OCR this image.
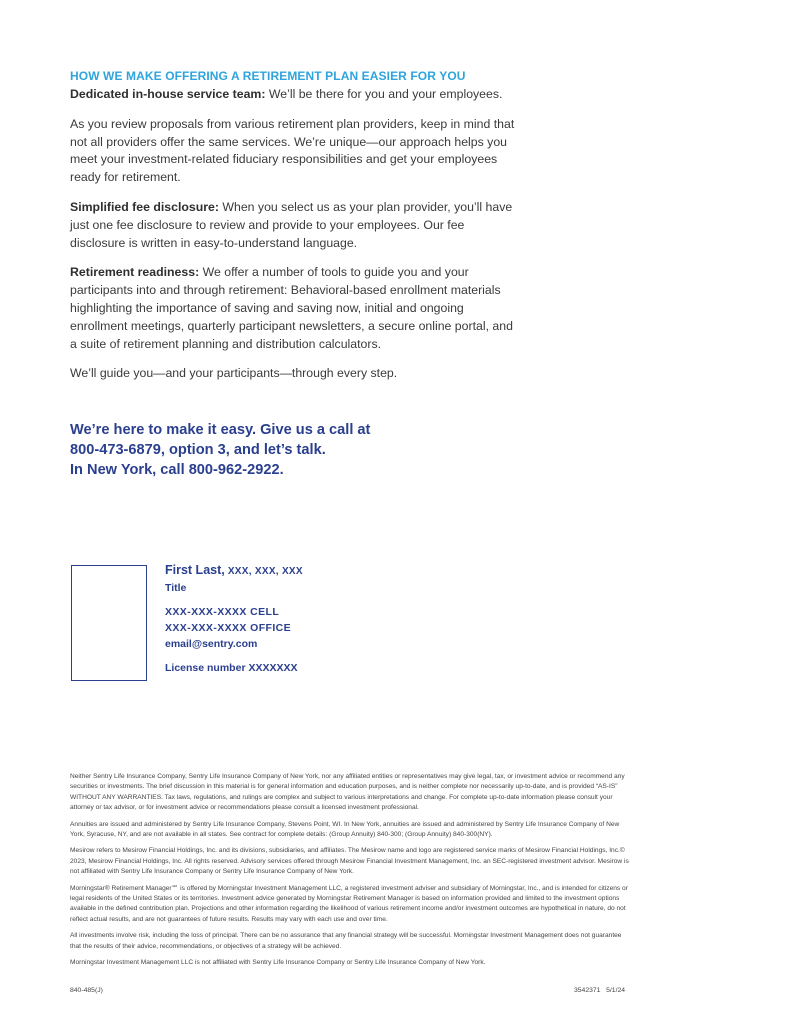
HOW WE MAKE OFFERING A RETIREMENT PLAN EASIER FOR YOU

Dedicated in-house service team: We’ll be there for you and your employees.

As you review proposals from various retirement plan providers, keep in mind that not all providers offer the same services. We’re unique—our approach helps you meet your investment-related fiduciary responsibilities and get your employees ready for retirement.

Simplified fee disclosure: When you select us as your plan provider, you’ll have just one fee disclosure to review and provide to your employees. Our fee disclosure is written in easy-to-understand language.

Retirement readiness: We offer a number of tools to guide you and your participants into and through retirement: Behavioral-based enrollment materials highlighting the importance of saving and saving now, initial and ongoing enrollment meetings, quarterly participant newsletters, a secure online portal, and a suite of retirement planning and distribution calculators.

We’ll guide you—and your participants—through every step.

We’re here to make it easy. Give us a call at
800-473-6879, option 3, and let’s talk.
In New York, call 800-962-2922.
First Last, XXX, XXX, XXX
Title
XXX-XXX-XXXX CELL
XXX-XXX-XXXX OFFICE
email@sentry.com
License number XXXXXXX

Neither Sentry Life Insurance Company, Sentry Life Insurance Company of New York, nor any affiliated entities or representatives may give legal, tax, or investment advice or recommend any securities or investments. The brief discussion in this material is for general information and education purposes, and is neither complete nor necessarily up-to-date, and is provided “AS-IS” WITHOUT ANY WARRANTIES. Tax laws, regulations, and rulings are complex and subject to various interpretations and change. For complete up-to-date information please consult your attorney or tax advisor, or for investment advice or recommendations please consult a licensed investment professional.

Annuities are issued and administered by Sentry Life Insurance Company, Stevens Point, WI. In New York, annuities are issued and administered by Sentry Life Insurance Company of New York, Syracuse, NY, and are not available in all states. See contract for complete details: (Group Annuity) 840-300; (Group Annuity) 840-300(NY).

Mesirow refers to Mesirow Financial Holdings, Inc. and its divisions, subsidiaries, and affiliates. The Mesirow name and logo are registered service marks of Mesirow Financial Holdings, Inc.© 2023, Mesirow Financial Holdings, Inc. All rights reserved. Advisory services offered through Mesirow Financial Investment Management, Inc. an SEC-registered investment advisor. Mesirow is not affiliated with Sentry Life Insurance Company or Sentry Life Insurance Company of New York.

Morningstar® Retirement Manager℠ is offered by Morningstar Investment Management LLC, a registered investment adviser and subsidiary of Morningstar, Inc., and is intended for citizens or legal residents of the United States or its territories. Investment advice generated by Morningstar Retirement Manager is based on information provided and limited to the investment options available in the defined contribution plan. Projections and other information regarding the likelihood of various retirement income and/or investment outcomes are hypothetical in nature, do not reflect actual results, and are not guarantees of future results. Results may vary with each use and over time.

All investments involve risk, including the loss of principal. There can be no assurance that any financial strategy will be successful. Morningstar Investment Management does not guarantee that the results of their advice, recommendations, or objectives of a strategy will be achieved.

Morningstar Investment Management LLC is not affiliated with Sentry Life Insurance Company or Sentry Life Insurance Company of New York.

840-485(J)	3542371   5/1/24
